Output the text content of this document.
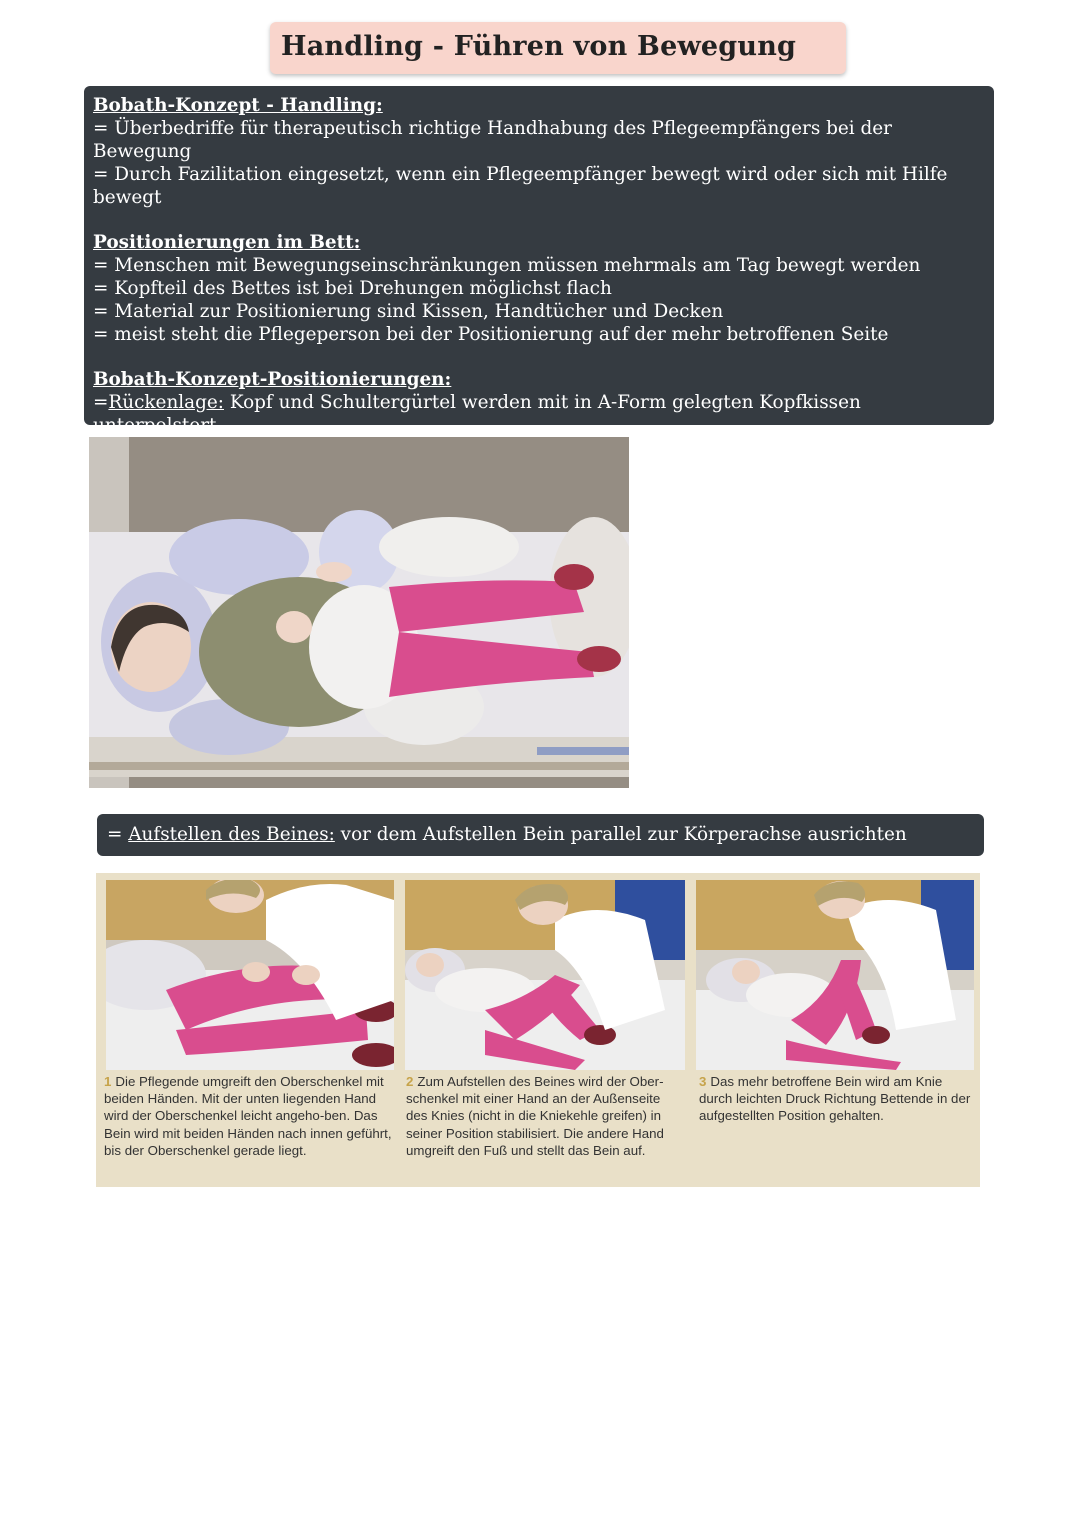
Handling - Führen von Bewegung

Bobath-Konzept - Handling:

= Überbedriffe für therapeutisch richtige Handhabung des Pflegeempfängers bei der Bewegung

= Durch Fazilitation eingesetzt, wenn ein Pflegeempfänger bewegt wird oder sich mit Hilfe bewegt

Positionierungen im Bett:

= Menschen mit Bewegungseinschränkungen müssen mehrmals am Tag bewegt werden

= Kopfteil des Bettes ist bei Drehungen möglichst flach

= Material zur Positionierung sind Kissen, Handtücher und Decken

= meist steht die Pflegeperson bei der Positionierung auf der mehr betroffenen Seite

Bobath-Konzept-Positionierungen:

=Rückenlage: Kopf und Schultergürtel werden mit in A-Form gelegten Kopfkissen unterpolstert

= Aufstellen des Beines: vor dem Aufstellen Bein parallel zur Körperachse ausrichten
1 Die Pflegende umgreift den Oberschenkel mit beiden Händen. Mit der unten liegenden Hand wird der Oberschenkel leicht angeho-ben. Das Bein wird mit beiden Händen nach innen geführt, bis der Oberschenkel gerade liegt.
2 Zum Aufstellen des Beines wird der Ober-schenkel mit einer Hand an der Außenseite des Knies (nicht in die Kniekehle greifen) in seiner Position stabilisiert. Die andere Hand umgreift den Fuß und stellt das Bein auf.
3 Das mehr betroffene Bein wird am Knie durch leichten Druck Richtung Bettende in der aufgestellten Position gehalten.
